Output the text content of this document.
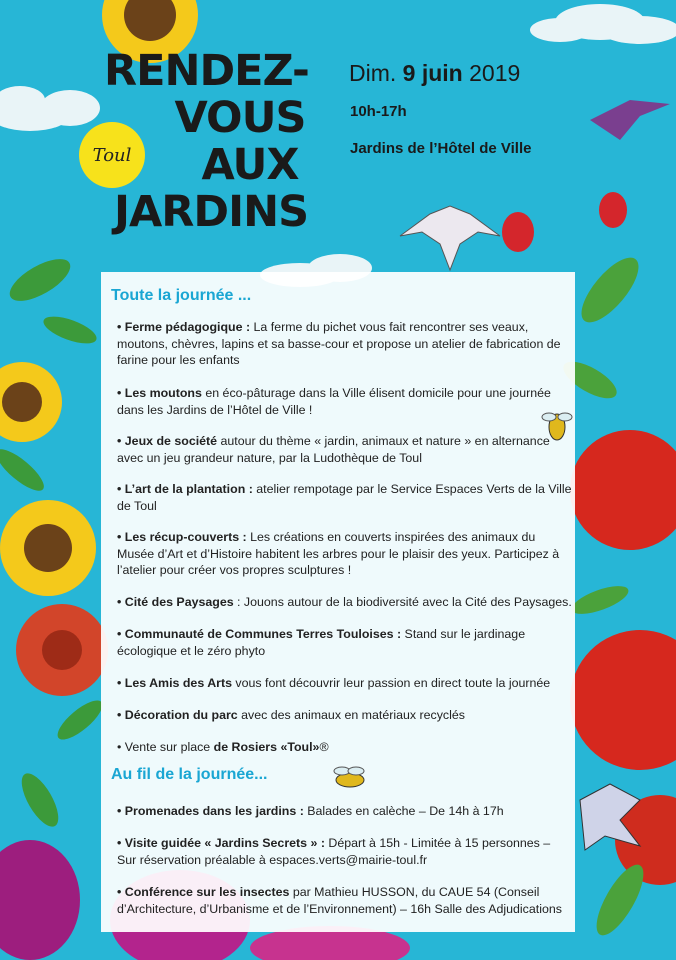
RENDEZ-
VOUS
AUX
JARDINS
Toul
Dim. 9 juin 2019
10h-17h
Jardins de l’Hôtel de Ville
Toute la journée ...
• Ferme pédagogique : La ferme du pichet vous fait rencontrer ses veaux, moutons, chèvres, lapins et sa basse-cour et propose un atelier de fabrication de farine pour les enfants
• Les moutons en éco-pâturage dans la Ville élisent domicile pour une journée dans les Jardins de l’Hôtel de Ville !
• Jeux de société autour du thème « jardin, animaux et nature » en alternance avec un jeu grandeur nature, par la Ludothèque de Toul
• L’art de la plantation : atelier rempotage par le Service Espaces Verts de la Ville de Toul
• Les récup-couverts : Les créations en couverts inspirées des animaux du Musée d’Art et d’Histoire habitent les arbres pour le plaisir des yeux. Participez à l’atelier pour créer vos propres sculptures !
• Cité des Paysages : Jouons autour de la biodiversité avec la Cité des Paysages.
• Communauté de Communes Terres Touloises : Stand sur le jardinage écologique et le zéro phyto
• Les Amis des Arts vous font découvrir leur passion en direct toute la journée
• Décoration du parc avec des animaux en matériaux recyclés
• Vente sur place de Rosiers «Toul»®
Au fil de la journée...
• Promenades dans les jardins : Balades en calèche – De 14h à 17h
• Visite guidée « Jardins Secrets » : Départ à 15h - Limitée à 15 personnes – Sur réservation préalable à espaces.verts@mairie-toul.fr
• Conférence sur les insectes par Mathieu HUSSON, du CAUE 54 (Conseil d’Architecture, d’Urbanisme et de l’Environnement) – 16h Salle des Adjudications
